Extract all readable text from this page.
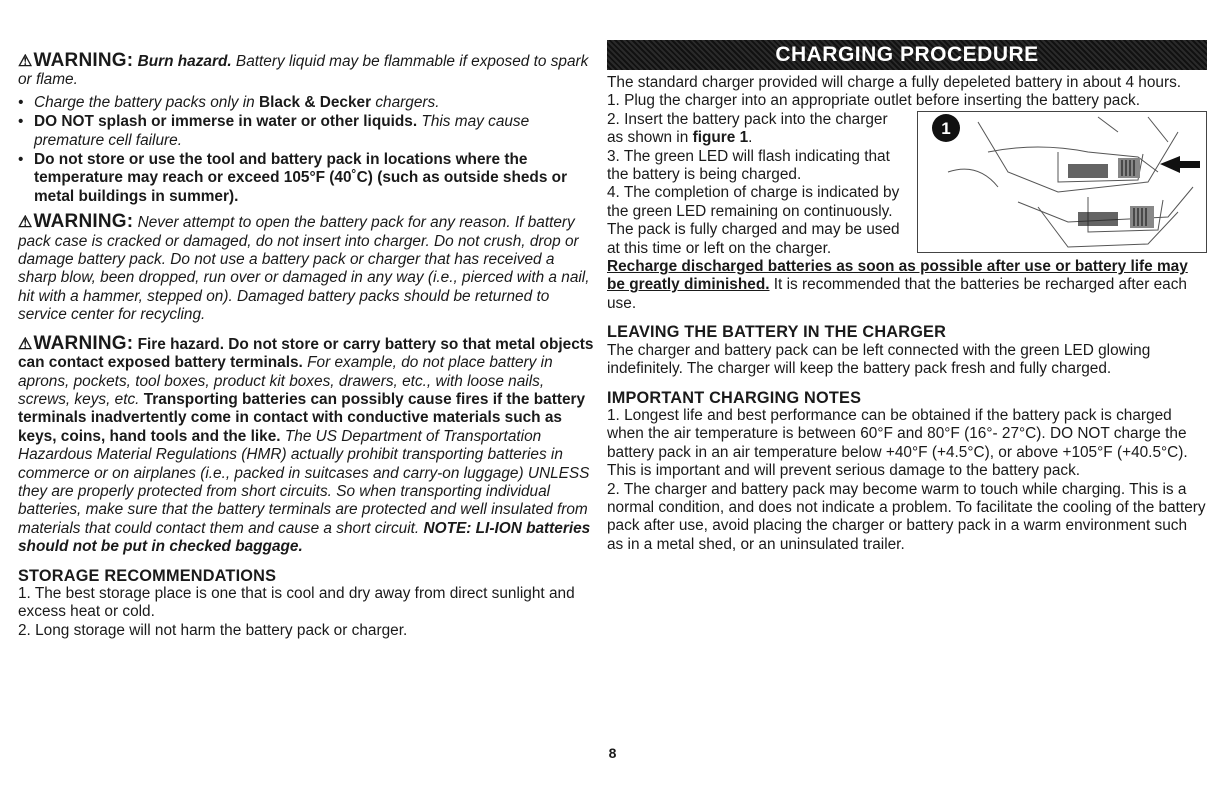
⚠WARNING: Burn hazard. Battery liquid may be flammable if exposed to spark or flame.

• Charge the battery packs only in Black & Decker chargers.
• DO NOT splash or immerse in water or other liquids. This may cause premature cell failure.
• Do not store or use the tool and battery pack in locations where the temperature may reach or exceed 105°F (40˚C) (such as outside sheds or metal buildings in summer).

⚠WARNING: Never attempt to open the battery pack for any reason. If battery pack case is cracked or damaged, do not insert into charger. Do not crush, drop or damage battery pack. Do not use a battery pack or charger that has received a sharp blow, been dropped, run over or damaged in any way (i.e., pierced with a nail, hit with a hammer, stepped on). Damaged battery packs should be returned to service center for recycling.

⚠WARNING: Fire hazard. Do not store or carry battery so that metal objects can contact exposed battery terminals. For example, do not place battery in aprons, pockets, tool boxes, product kit boxes, drawers, etc., with loose nails, screws, keys, etc. Transporting batteries can possibly cause fires if the battery terminals inadvertently come in contact with conductive materials such as keys, coins, hand tools and the like. The US Department of Transportation Hazardous Material Regulations (HMR) actually prohibit transporting batteries in commerce or on airplanes (i.e., packed in suitcases and carry-on luggage) UNLESS they are properly protected from short circuits. So when transporting individual batteries, make sure that the battery terminals are protected and well insulated from materials that could contact them and cause a short circuit. NOTE: LI-ION batteries should not be put in checked baggage.

STORAGE RECOMMENDATIONS

1. The best storage place is one that is cool and dry away from direct sunlight and excess heat or cold.

2. Long storage will not harm the battery pack or charger.

CHARGING PROCEDURE

The standard charger provided will charge a fully depeleted battery in about 4 hours.

1. Plug the charger into an appropriate outlet before inserting the battery pack.

1

2. Insert the battery pack into the charger as shown in figure 1.

3. The green LED will flash indicating that the battery is being charged.

4. The completion of charge is indicated by the green LED remaining on continuously. The pack is fully charged and may be used at this time or left on the charger.

Recharge discharged batteries as soon as possible after use or battery life may be greatly diminished. It is recommended that the batteries be recharged after each use.

LEAVING THE BATTERY IN THE CHARGER

The charger and battery pack can be left connected with the green LED glowing indefinitely. The charger will keep the battery pack fresh and fully charged.

IMPORTANT CHARGING NOTES

1. Longest life and best performance can be obtained if the battery pack is charged when the air temperature is between 60°F and 80°F (16°- 27°C). DO NOT charge the battery pack in an air temperature below +40°F (+4.5°C), or above +105°F (+40.5°C). This is important and will prevent serious damage to the battery pack.

2. The charger and battery pack may become warm to touch while charging. This is a normal condition, and does not indicate a problem. To facilitate the cooling of the battery pack after use, avoid placing the charger or battery pack in a warm environment such as in a metal shed, or an uninsulated trailer.

8
